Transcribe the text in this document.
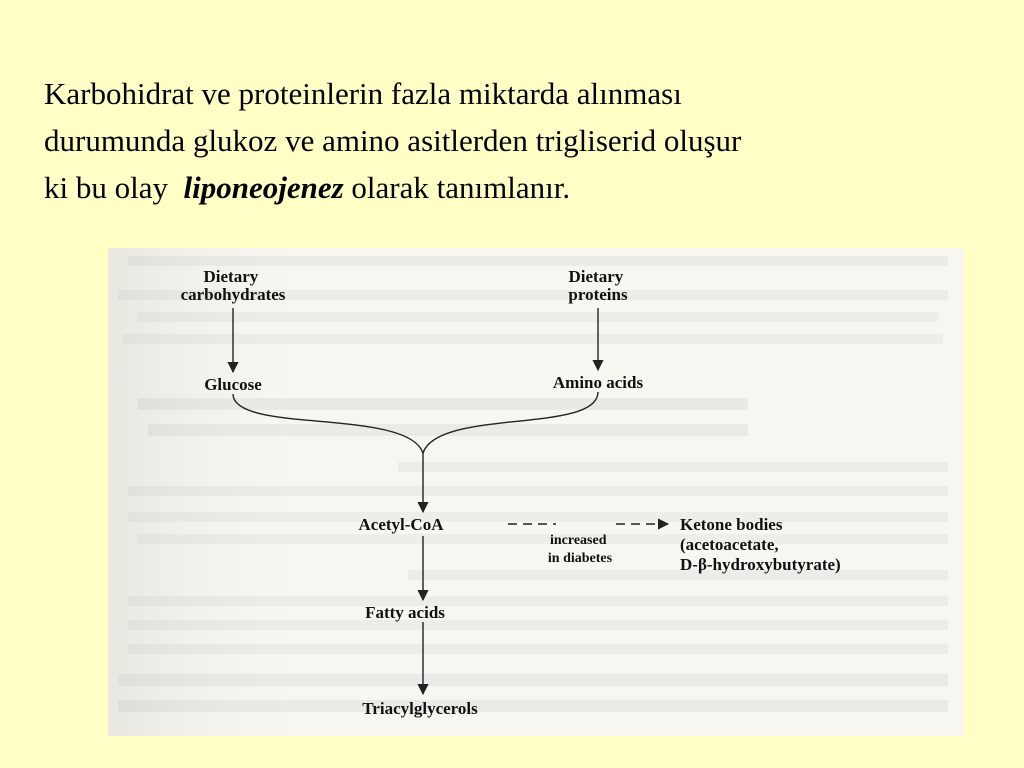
Karbohidrat ve proteinlerin fazla miktarda alınması
durumunda glukoz ve amino asitlerden trigliserid oluşur
ki bu olay  liponeojenez olarak tanımlanır.
Dietary carbohydrates
Dietary proteins
Glucose	Amino acids
Acetyl-CoA
increased in diabetes
Ketone bodies (acetoacetate, D-β-hydroxybutyrate)
Fatty acids
Triacylglycerols
